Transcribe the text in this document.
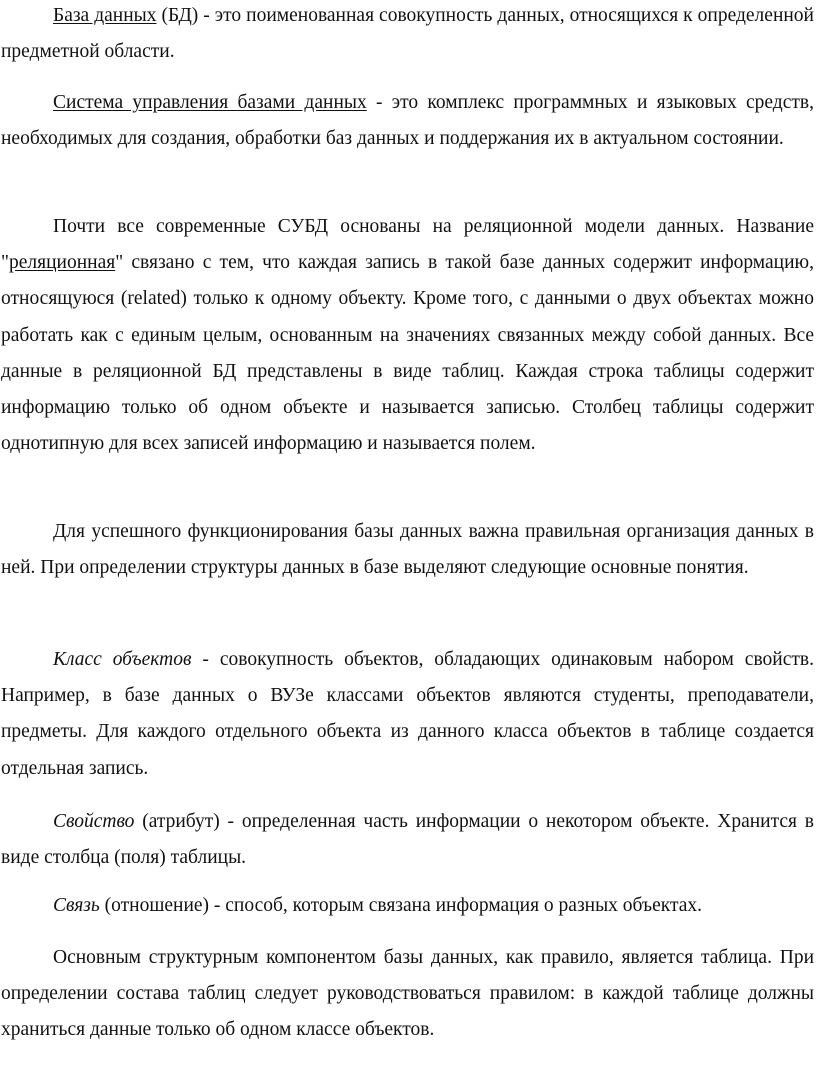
База данных (БД) - это поименованная совокупность данных, относящихся к определенной предметной области.

Система управления базами данных - это комплекс программных и языковых средств, необходимых для создания, обработки баз данных и поддержания их в актуальном состоянии.

Почти все современные СУБД основаны на реляционной модели данных. Название "реляционная" связано с тем, что каждая запись в такой базе данных содержит информацию, относящуюся (related) только к одному объекту. Кроме того, с данными о двух объектах можно работать как с единым целым, основанным на значениях связанных между собой данных. Все данные в реляционной БД представлены в виде таблиц. Каждая строка таблицы содержит информацию только об одном объекте и называется записью. Столбец таблицы содержит однотипную для всех записей информацию и называется полем.

Для успешного функционирования базы данных важна правильная организация данных в ней. При определении структуры данных в базе выделяют следующие основные понятия.

Класс объектов - совокупность объектов, обладающих одинаковым набором свойств. Например, в базе данных о ВУЗе классами объектов являются студенты, преподаватели, предметы. Для каждого отдельного объекта из данного класса объектов в таблице создается отдельная запись.

Свойство (атрибут) - определенная часть информации о некотором объекте. Хранится в виде столбца (поля) таблицы.

Связь (отношение) - способ, которым связана информация о разных объектах.

Основным структурным компонентом базы данных, как правило, является таблица. При определении состава таблиц следует руководствоваться правилом: в каждой таблице должны храниться данные только об одном классе объектов.
